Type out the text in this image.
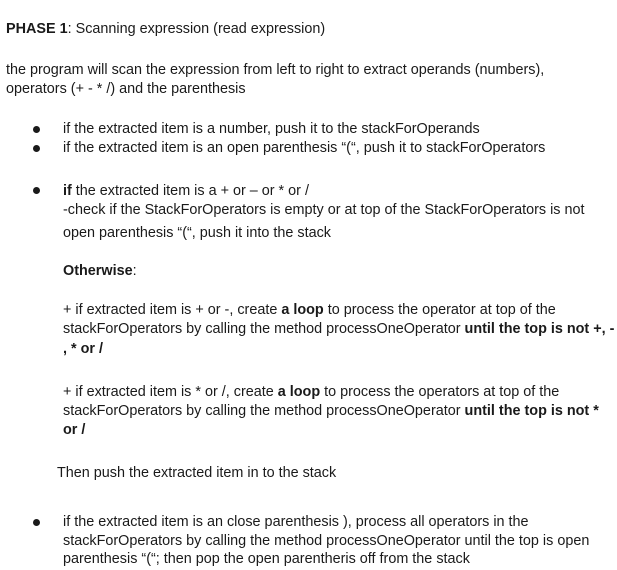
PHASE 1: Scanning expression (read expression)
the program will scan the expression from left to right to extract operands (numbers),
operators (+ - * /) and the parenthesis
if the extracted item is a number, push it to the stackForOperands
if the extracted item is an open parenthesis “(“, push it to stackForOperators
if the extracted item is a + or – or * or /
-check if the StackForOperators is empty or at top of the StackForOperators is not
open parenthesis “(“, push it into the stack
Otherwise:
+ if extracted item is + or -, create a loop to process the operator at top of the
stackForOperators by calling the method processOneOperator until the top is not +, -
, * or /
+ if extracted item is * or /, create a loop to process the operators at top of the
stackForOperators by calling the method processOneOperator until the top is not *
or /
Then push the extracted item in to the stack
if the extracted item is an close parenthesis ), process all operators in the
stackForOperators by calling the method processOneOperator until the top is open
parenthesis “(“; then pop the open parentheris off from the stack
